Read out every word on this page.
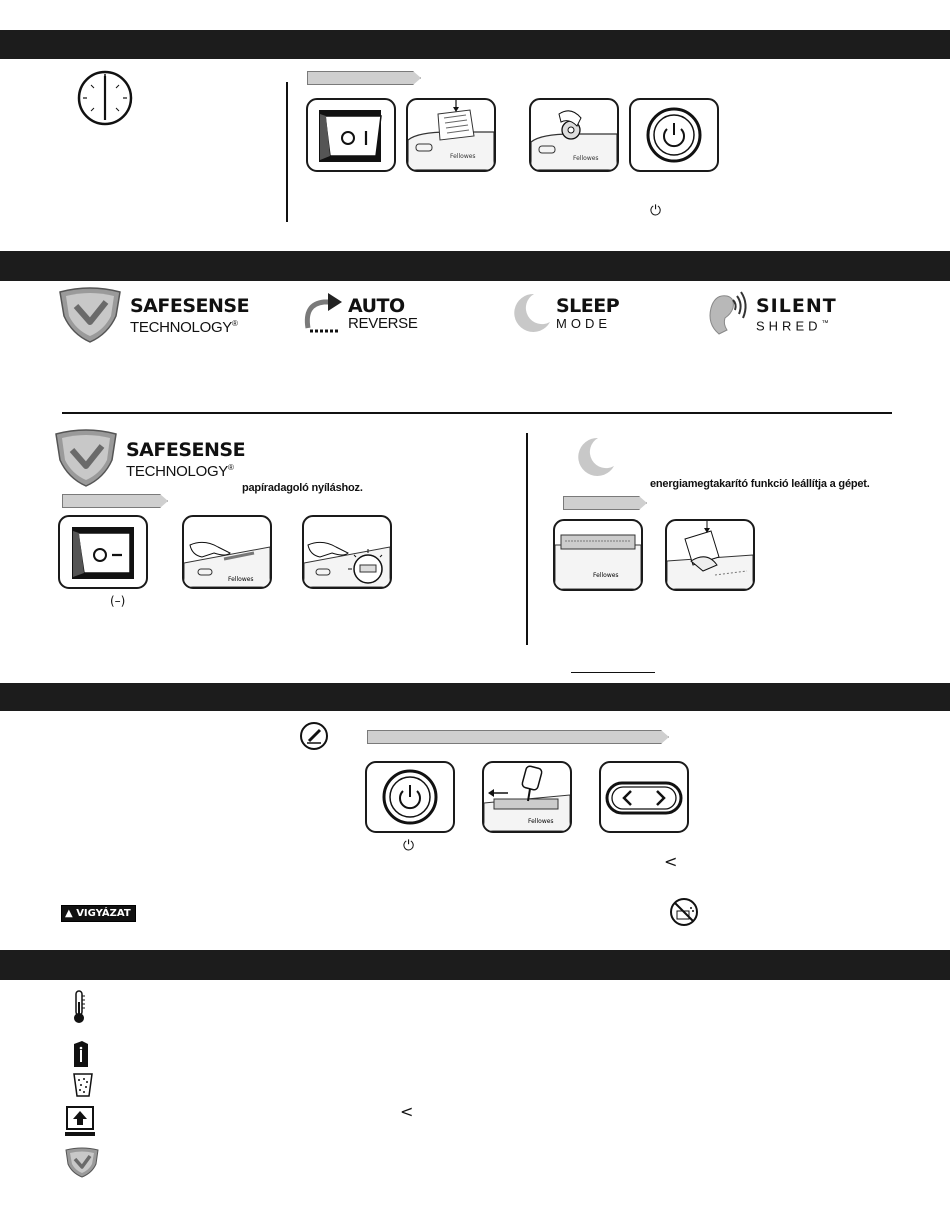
Fellowes	Fellowes
⏻
SAFESENSE
TECHNOLOGY®
AUTO
REVERSE
SLEEP
MODE
SILENT
SHRED™
SAFESENSE
TECHNOLOGY®
papíradagoló nyíláshoz.
(–)
Fellowes
energiamegtakarító funkció leállítja a gépet.
Fellowes
⏻
Fellowes
<
▲ VIGYÁZAT
<
